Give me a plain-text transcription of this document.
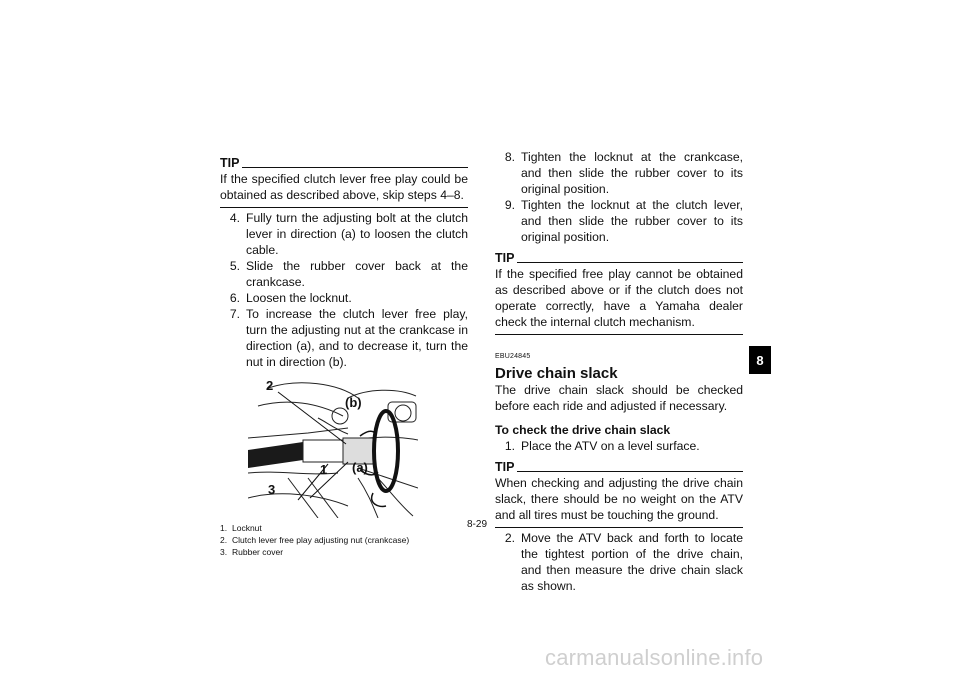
TIP
If the specified clutch lever free play could be obtained as described above, skip steps 4–8.
4. Fully turn the adjusting bolt at the clutch lever in direction (a) to loosen the clutch cable.
5. Slide the rubber cover back at the crankcase.
6. Loosen the locknut.
7. To increase the clutch lever free play, turn the adjusting nut at the crankcase in direction (a), and to decrease it, turn the nut in direction (b).
2
(b)
1 (a)
3
1. Locknut
2. Clutch lever free play adjusting nut (crankcase)
3. Rubber cover
8. Tighten the locknut at the crankcase, and then slide the rubber cover to its original position.
9. Tighten the locknut at the clutch lever, and then slide the rubber cover to its original position.
TIP
If the specified free play cannot be obtained as described above or if the clutch does not operate correctly, have a Yamaha dealer check the internal clutch mechanism.
EBU24845
Drive chain slack
The drive chain slack should be checked before each ride and adjusted if necessary.
To check the drive chain slack
1. Place the ATV on a level surface.
TIP
When checking and adjusting the drive chain slack, there should be no weight on the ATV and all tires must be touching the ground.
2. Move the ATV back and forth to locate the tightest portion of the drive chain, and then measure the drive chain slack as shown.
8-29
8
carmanualsonline.info
